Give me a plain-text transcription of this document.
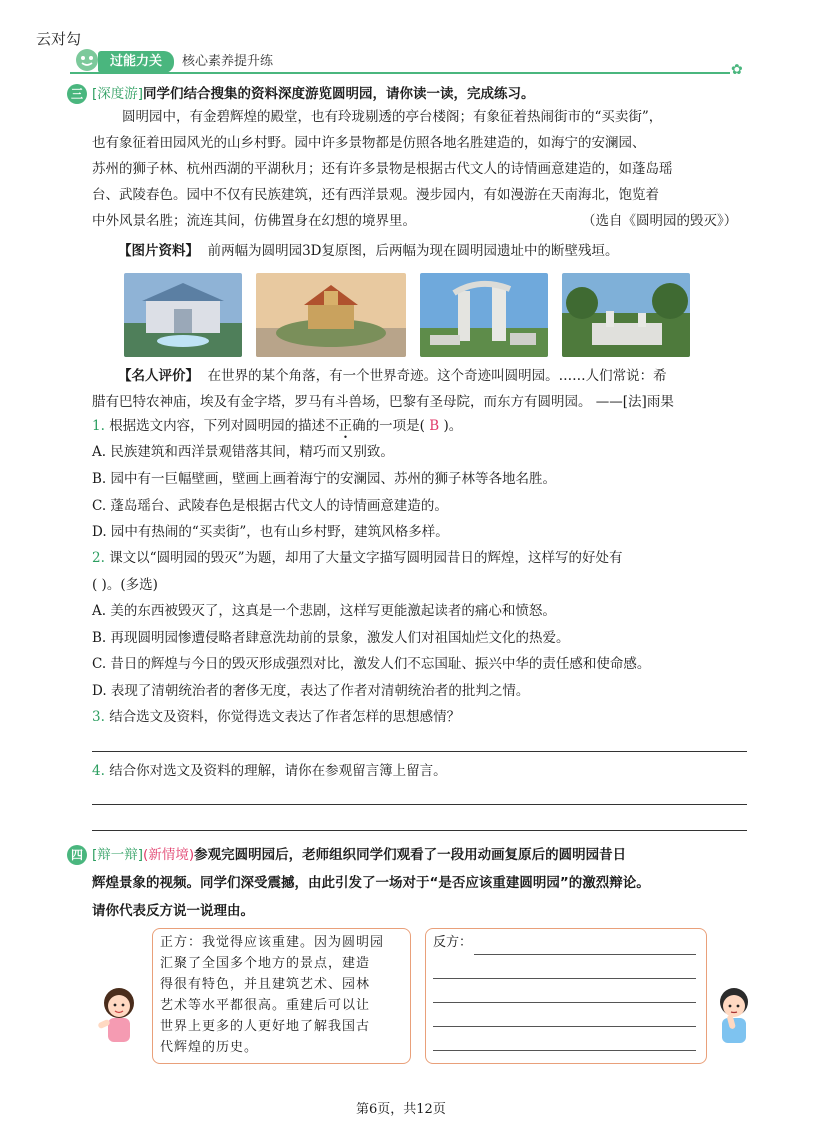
云对勾
过能力关	核心素养提升练
✿
三 [深度游]同学们结合搜集的资料深度游览圆明园，请你读一读，完成练习。
圆明园中，有金碧辉煌的殿堂，也有玲珑剔透的亭台楼阁；有象征着热闹街市的“买卖街”，
也有象征着田园风光的山乡村野。园中许多景物都是仿照各地名胜建造的，如海宁的安澜园、
苏州的狮子林、杭州西湖的平湖秋月；还有许多景物是根据古代文人的诗情画意建造的，如蓬岛瑶
台、武陵春色。园中不仅有民族建筑，还有西洋景观。漫步园内，有如漫游在天南海北，饱览着
中外风景名胜；流连其间，仿佛置身在幻想的境界里。	（选自《圆明园的毁灭》）
【图片资料】 前两幅为圆明园3D复原图，后两幅为现在圆明园遗址中的断壁残垣。
【名人评价】 在世界的某个角落，有一个世界奇迹。这个奇迹叫圆明园。……人们常说：希
腊有巴特农神庙，埃及有金字塔，罗马有斗兽场，巴黎有圣母院，而东方有圆明园。 ——[法]雨果
1. 根据选文内容，下列对圆明园的描述不正确的一项是( B )。
A. 民族建筑和西洋景观错落其间，精巧而又别致。
B. 园中有一巨幅壁画，壁画上画着海宁的安澜园、苏州的狮子林等各地名胜。
C. 蓬岛瑶台、武陵春色是根据古代文人的诗情画意建造的。
D. 园中有热闹的“买卖街”，也有山乡村野，建筑风格多样。
2. 课文以“圆明园的毁灭”为题，却用了大量文字描写圆明园昔日的辉煌，这样写的好处有
( )。(多选)
A. 美的东西被毁灭了，这真是一个悲剧，这样写更能激起读者的痛心和愤怒。
B. 再现圆明园惨遭侵略者肆意洗劫前的景象，激发人们对祖国灿烂文化的热爱。
C. 昔日的辉煌与今日的毁灭形成强烈对比，激发人们不忘国耻、振兴中华的责任感和使命感。
D. 表现了清朝统治者的奢侈无度，表达了作者对清朝统治者的批判之情。
3. 结合选文及资料，你觉得选文表达了作者怎样的思想感情？
4. 结合你对选文及资料的理解，请你在参观留言簿上留言。
四 [辩一辩](新情境)参观完圆明园后，老师组织同学们观看了一段用动画复原后的圆明园昔日
辉煌景象的视频。同学们深受震撼，由此引发了一场对于“是否应该重建圆明园”的激烈辩论。
请你代表反方说一说理由。
正方：我觉得应该重建。因为圆明园
汇聚了全国多个地方的景点，建造
得很有特色，并且建筑艺术、园林
艺术等水平都很高。重建后可以让
世界上更多的人更好地了解我国古
代辉煌的历史。
反方：
第6页，共12页
